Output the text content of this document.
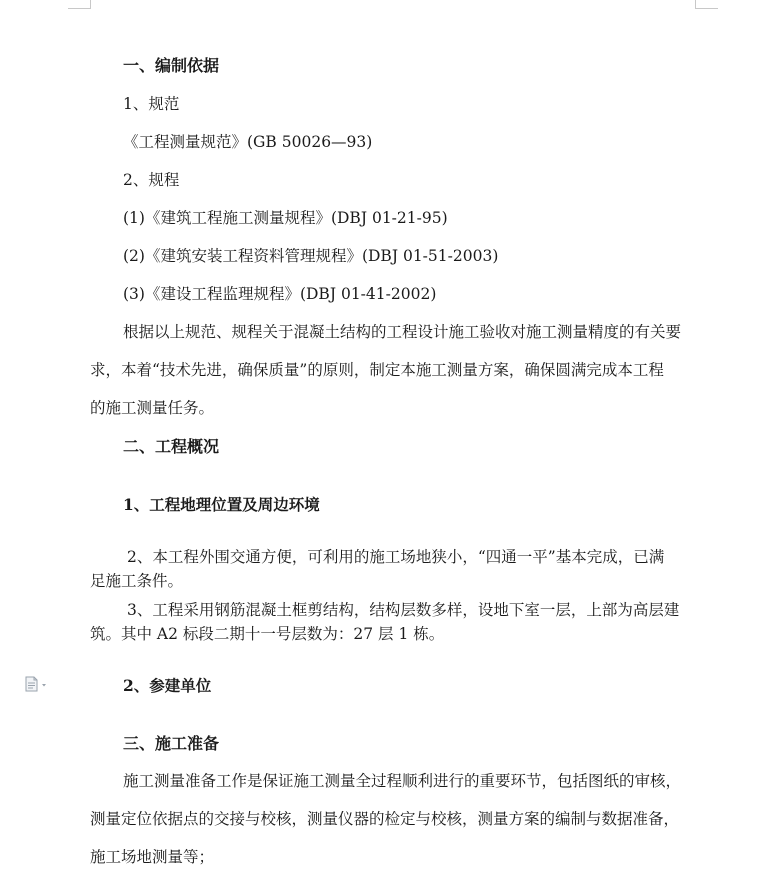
一、编制依据
1、规范
《工程测量规范》(GB 50026—93)
2、规程
(1)《建筑工程施工测量规程》(DBJ 01-21-95)
(2)《建筑安装工程资料管理规程》(DBJ 01-51-2003)
(3)《建设工程监理规程》(DBJ 01-41-2002)
根据以上规范、规程关于混凝土结构的工程设计施工验收对施工测量精度的有关要
求，本着“技术先进，确保质量”的原则，制定本施工测量方案，确保圆满完成本工程
的施工测量任务。
二、工程概况
1、工程地理位置及周边环境
2、本工程外围交通方便，可利用的施工场地狭小，“四通一平”基本完成，已满
足施工条件。
3、工程采用钢筋混凝土框剪结构，结构层数多样，设地下室一层，上部为高层建
筑。其中 A2 标段二期十一号层数为：27 层 1 栋。
2、参建单位
三、施工准备
施工测量准备工作是保证施工测量全过程顺利进行的重要环节，包括图纸的审核，
测量定位依据点的交接与校核，测量仪器的检定与校核，测量方案的编制与数据准备，
施工场地测量等；
